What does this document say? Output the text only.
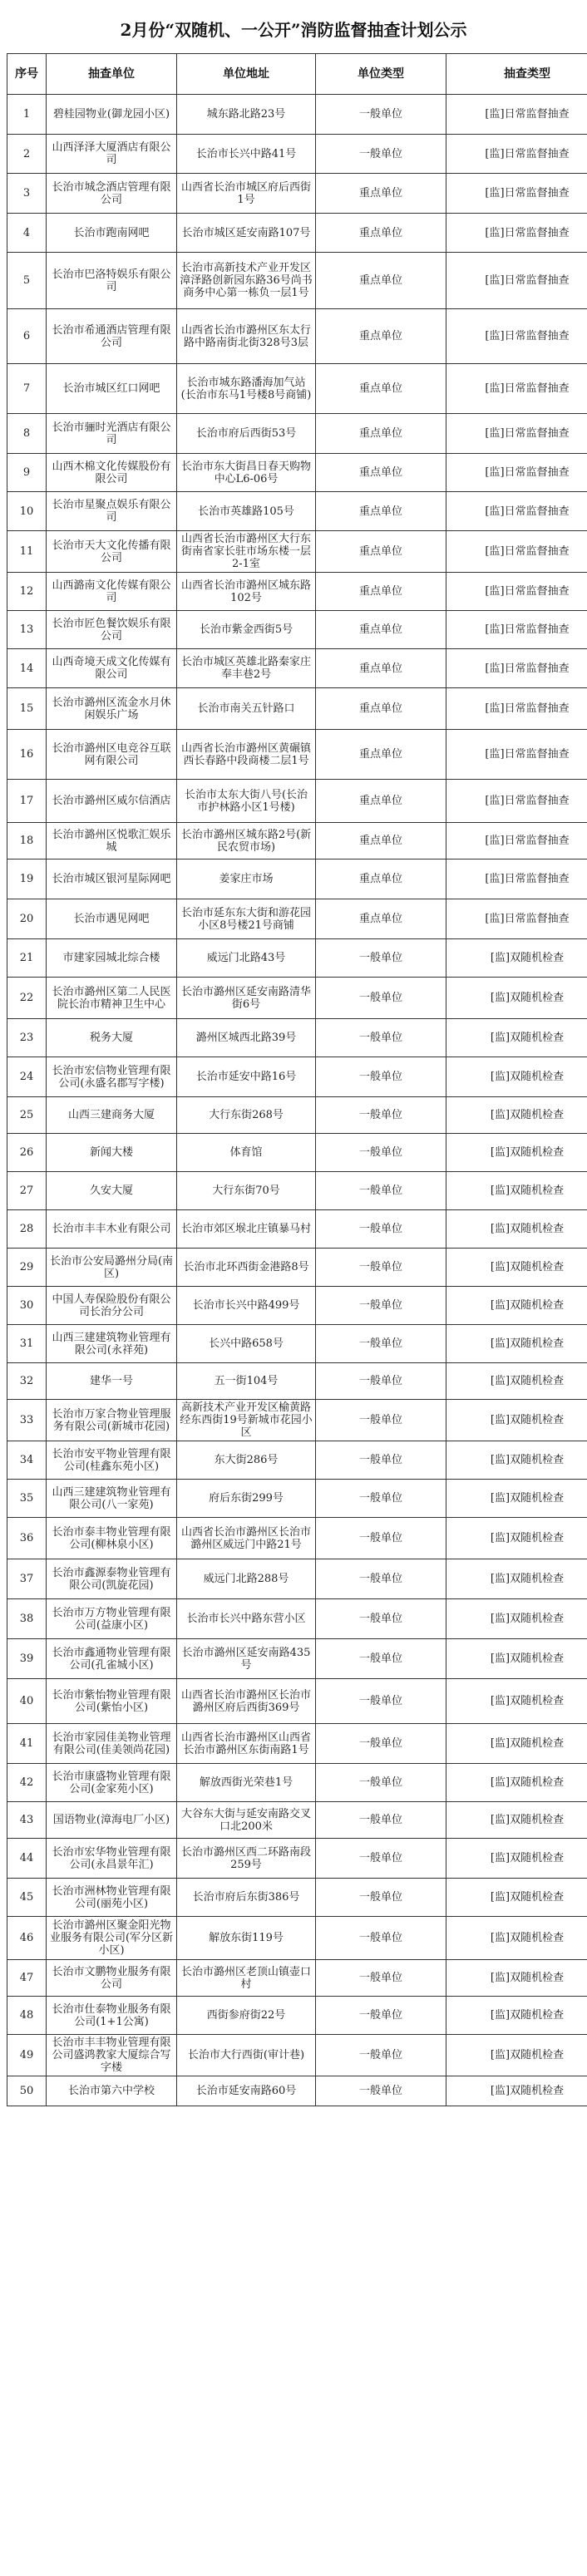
2月份“双随机、一公开”消防监督抽查计划公示
序号	抽查单位	单位地址	单位类型	抽查类型
1	碧桂园物业(御龙园小区)	城东路北路23号	一般单位	[监]日常监督抽查
2	山西泽泽大厦酒店有限公司	长治市长兴中路41号	一般单位	[监]日常监督抽查
3	长治市城念酒店管理有限公司	山西省长治市城区府后西街1号	重点单位	[监]日常监督抽查
4	长治市跑南网吧	长治市城区延安南路107号	重点单位	[监]日常监督抽查
5	长治市巴洛特娱乐有限公司	长治市高新技术产业开发区漳泽路创新园东路36号尚书商务中心第一栋负一层1号	重点单位	[监]日常监督抽查
6	长治市希通酒店管理有限公司	山西省长治市潞州区东太行路中路南街北街328号3层	重点单位	[监]日常监督抽查
7	长治市城区红口网吧	长治市城东路潘海加气站(长治市东马1号楼8号商铺)	重点单位	[监]日常监督抽查
8	长治市骊时光酒店有限公司	长治市府后西街53号	重点单位	[监]日常监督抽查
9	山西木棉文化传媒股份有限公司	长治市东大街昌日春天购物中心L6-06号	重点单位	[监]日常监督抽查
10	长治市星聚点娱乐有限公司	长治市英雄路105号	重点单位	[监]日常监督抽查
11	长治市天大文化传播有限公司	山西省长治市潞州区大行东街南省家长驻市场东楼一层2-1室	重点单位	[监]日常监督抽查
12	山西潞南文化传媒有限公司	山西省长治市潞州区城东路102号	重点单位	[监]日常监督抽查
13	长治市匠色餐饮娱乐有限公司	长治市紫金西街5号	重点单位	[监]日常监督抽查
14	山西奇境天成文化传媒有限公司	长治市城区英雄北路秦家庄奉丰巷2号	重点单位	[监]日常监督抽查
15	长治市潞州区流金水月休闲娱乐广场	长治市南关五针路口	重点单位	[监]日常监督抽查
16	长治市潞州区电竞谷互联网有限公司	山西省长治市潞州区黄碾镇西长春路中段商楼二层1号	重点单位	[监]日常监督抽查
17	长治市潞州区威尔信酒店	长治市太东大街八号(长治市护林路小区1号楼)	重点单位	[监]日常监督抽查
18	长治市潞州区悦歌汇娱乐城	长治市潞州区城东路2号(新民农贸市场)	重点单位	[监]日常监督抽查
19	长治市城区银河星际网吧	姜家庄市场	重点单位	[监]日常监督抽查
20	长治市遇见网吧	长治市延东东大街和游花园小区8号楼21号商铺	重点单位	[监]日常监督抽查
21	市建家园城北综合楼	威远门北路43号	一般单位	[监]双随机检查
22	长治市潞州区第二人民医院长治市精神卫生中心	长治市潞州区延安南路清华街6号	一般单位	[监]双随机检查
23	税务大厦	潞州区城西北路39号	一般单位	[监]双随机检查
24	长治市宏信物业管理有限公司(永盛名郡写字楼)	长治市延安中路16号	一般单位	[监]双随机检查
25	山西三建商务大厦	大行东街268号	一般单位	[监]双随机检查
26	新闻大楼	体育馆	一般单位	[监]双随机检查
27	久安大厦	大行东街70号	一般单位	[监]双随机检查
28	长治市丰丰木业有限公司	长治市郊区堠北庄镇暴马村	一般单位	[监]双随机检查
29	长治市公安局潞州分局(南区)	长治市北环西街金港路8号	一般单位	[监]双随机检查
30	中国人寿保险股份有限公司长治分公司	长治市长兴中路499号	一般单位	[监]双随机检查
31	山西三建建筑物业管理有限公司(永祥苑)	长兴中路658号	一般单位	[监]双随机检查
32	建华一号	五一街104号	一般单位	[监]双随机检查
33	长治市万家合物业管理服务有限公司(新城市花园)	高新技术产业开发区榆黄路经东西街19号新城市花园小区	一般单位	[监]双随机检查
34	长治市安平物业管理有限公司(桂鑫东苑小区)	东大街286号	一般单位	[监]双随机检查
35	山西三建建筑物业管理有限公司(八一家苑)	府后东街299号	一般单位	[监]双随机检查
36	长治市泰丰物业管理有限公司(柳林泉小区)	山西省长治市潞州区长治市潞州区威远门中路21号	一般单位	[监]双随机检查
37	长治市鑫源泰物业管理有限公司(凯旋花园)	威远门北路288号	一般单位	[监]双随机检查
38	长治市万方物业管理有限公司(益康小区)	长治市长兴中路东营小区	一般单位	[监]双随机检查
39	长治市鑫通物业管理有限公司(孔雀城小区)	长治市潞州区延安南路435号	一般单位	[监]双随机检查
40	长治市紫怡物业管理有限公司(紫怡小区)	山西省长治市潞州区长治市潞州区府后西街369号	一般单位	[监]双随机检查
41	长治市家园佳美物业管理有限公司(佳美领尚花园)	山西省长治市潞州区山西省长治市潞州区东街南路1号	一般单位	[监]双随机检查
42	长治市康盛物业管理有限公司(金家苑小区)	解放西街光荣巷1号	一般单位	[监]双随机检查
43	国语物业(漳海电厂小区)	大谷东大街与延安南路交叉口北200米	一般单位	[监]双随机检查
44	长治市宏华物业管理有限公司(永昌景年汇)	长治市潞州区西二环路南段259号	一般单位	[监]双随机检查
45	长治市洲林物业管理有限公司(丽苑小区)	长治市府后东街386号	一般单位	[监]双随机检查
46	长治市潞州区聚金阳光物业服务有限公司(军分区新小区)	解放东街119号	一般单位	[监]双随机检查
47	长治市文鹏物业服务有限公司	长治市潞州区老顶山镇壶口村	一般单位	[监]双随机检查
48	长治市仕泰物业服务有限公司(1+1公寓)	西街参府街22号	一般单位	[监]双随机检查
49	长治市丰丰物业管理有限公司盛鸿教家大厦综合写字楼	长治市大行西街(审计巷)	一般单位	[监]双随机检查
50	长治市第六中学校	长治市延安南路60号	一般单位	[监]双随机检查
